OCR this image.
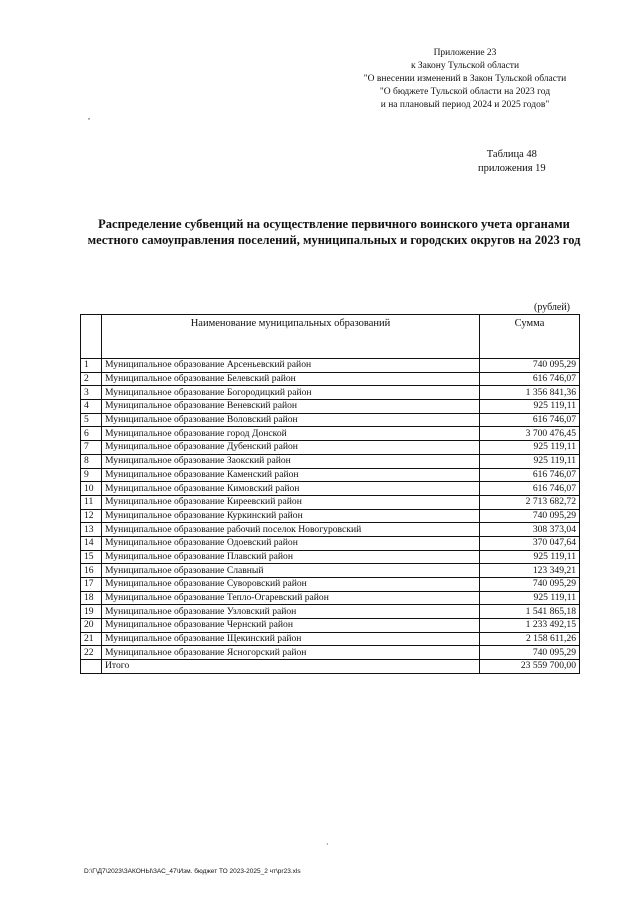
Приложение 23
к Закону Тульской области
"О внесении изменений в Закон Тульской области
"О бюджете Тульской области на 2023 год
и на плановый период 2024 и 2025 годов"
,
Таблица 48
приложения 19
Распределение субвенций на осуществление первичного воинского учета органами местного самоуправления поселений, муниципальных и городских округов на 2023 год
(рублей)
	Наименование муниципальных образований	Сумма
1	Муниципальное образование Арсеньевский район	740 095,29
2	Муниципальное образование Белевский район	616 746,07
3	Муниципальное образование Богородицкий район	1 356 841,36
4	Муниципальное образование Веневский район	925 119,11
5	Муниципальное образование Воловский район	616 746,07
6	Муниципальное образование город Донской	3 700 476,45
7	Муниципальное образование Дубенский район	925 119,11
8	Муниципальное образование Заокский район	925 119,11
9	Муниципальное образование Каменский район	616 746,07
10	Муниципальное образование Кимовский район	616 746,07
11	Муниципальное образование Киреевский район	2 713 682,72
12	Муниципальное образование Куркинский район	740 095,29
13	Муниципальное образование рабочий поселок Новогуровский	308 373,04
14	Муниципальное образование Одоевский район	370 047,64
15	Муниципальное образование Плавский район	925 119,11
16	Муниципальное образование Славный	123 349,21
17	Муниципальное образование Суворовский район	740 095,29
18	Муниципальное образование Тепло-Огаревский район	925 119,11
19	Муниципальное образование Узловский район	1 541 865,18
20	Муниципальное образование Чернский район	1 233 492,15
21	Муниципальное образование Щекинский район	2 158 611,26
22	Муниципальное образование Ясногорский район	740 095,29
	Итого	23 559 700,00
·
D:\Г\Д7\2023\ЗАКОНЫ\ЗАС_47\Изм. бюджет ТО 2023-2025_2 чт\pr23.xls
